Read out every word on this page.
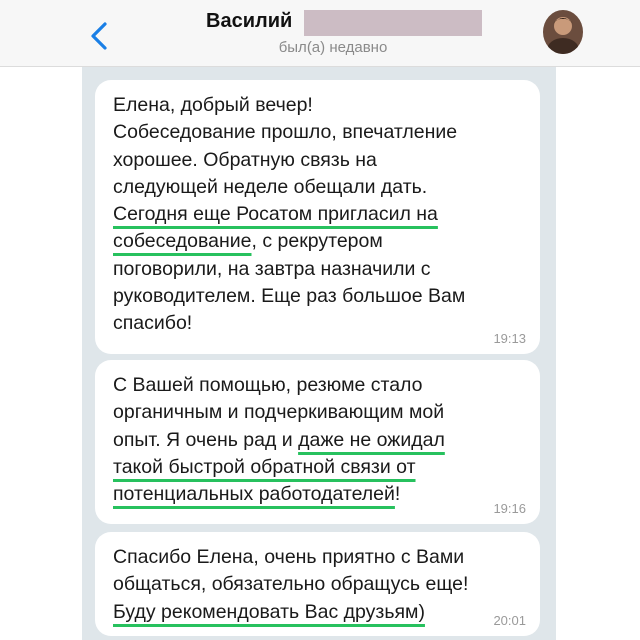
Василий
был(а) недавно
Елена, добрый вечер!
Собеседование прошло, впечатление
хорошее. Обратную связь на
следующей неделе обещали дать.
Сегодня еще Росатом пригласил на
собеседование, с рекрутером
поговорили, на завтра назначили с
руководителем. Еще раз большое Вам
спасибо!
19:13
С Вашей помощью, резюме стало
органичным и подчеркивающим мой
опыт. Я очень рад и даже не ожидал
такой быстрой обратной связи от
потенциальных работодателей!
19:16
Спасибо Елена, очень приятно с Вами
общаться, обязательно обращусь еще!
Буду рекомендовать Вас друзьям)	20:01
